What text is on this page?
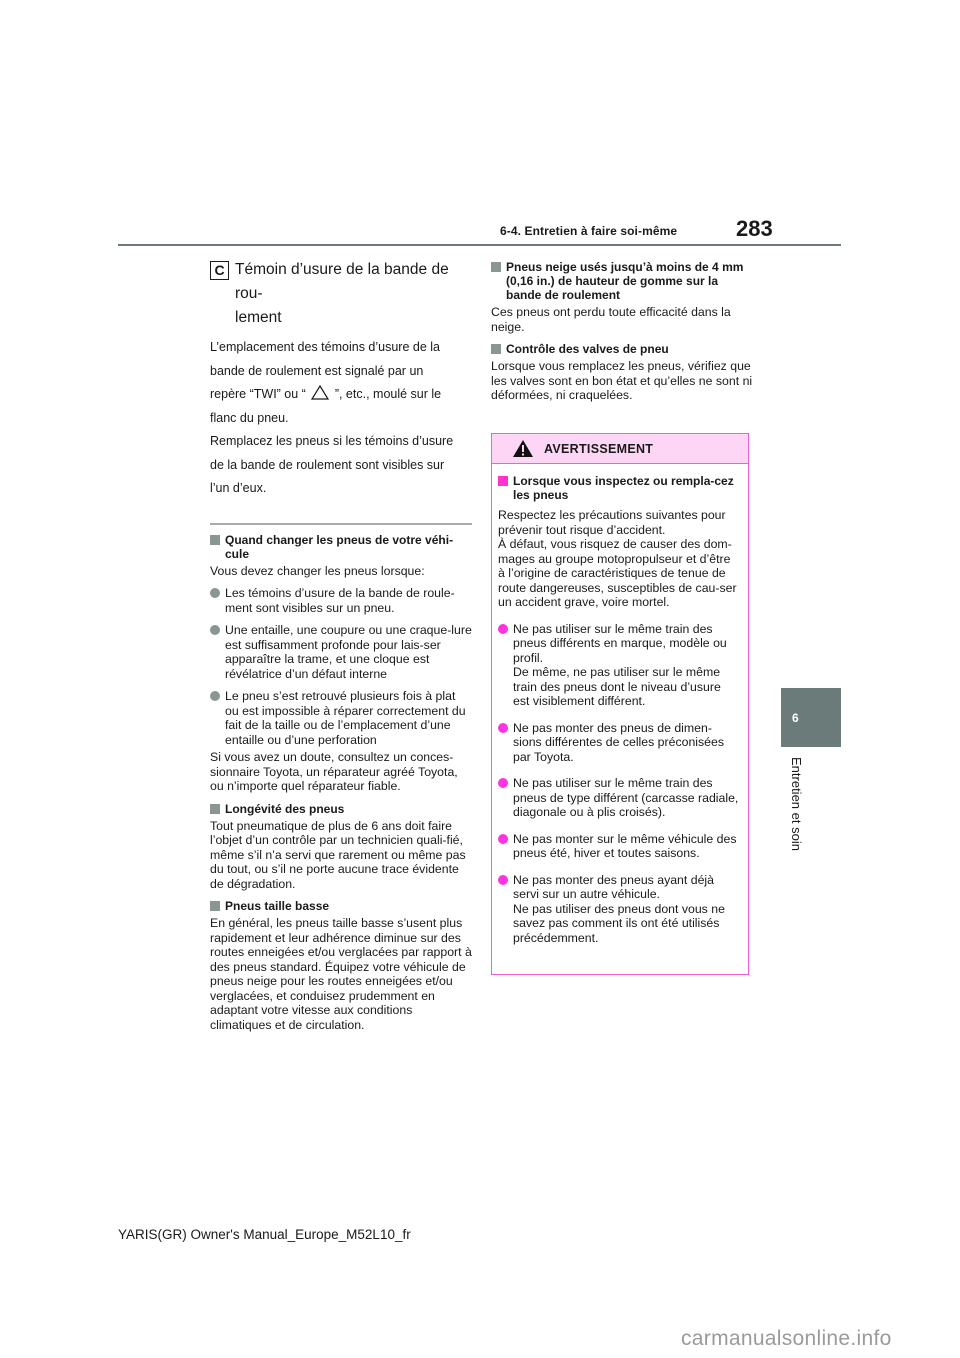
6-4. Entretien à faire soi-même	283
6
Entretien et soin
C Témoin d’usure de la bande de rou-
lement

L’emplacement des témoins d’usure de la

bande de roulement est signalé par un

repère “TWI” ou “ ”, etc., moulé sur le

flanc du pneu.

Remplacez les pneus si les témoins d’usure

de la bande de roulement sont visibles sur

l’un d’eux.

Quand changer les pneus de votre véhi-cule

Vous devez changer les pneus lorsque:

Les témoins d’usure de la bande de roule-ment sont visibles sur un pneu.
Une entaille, une coupure ou une craque-lure est suffisamment profonde pour lais-ser apparaître la trame, et une cloque est révélatrice d’un défaut interne
Le pneu s’est retrouvé plusieurs fois à plat ou est impossible à réparer correctement du fait de la taille ou de l’emplacement d’une entaille ou d’une perforation

Si vous avez un doute, consultez un conces-sionnaire Toyota, un réparateur agréé Toyota, ou n’importe quel réparateur fiable.

Longévité des pneus

Tout pneumatique de plus de 6 ans doit faire l’objet d’un contrôle par un technicien quali-fié, même s’il n’a servi que rarement ou même pas du tout, ou s’il ne porte aucune trace évidente de dégradation.

Pneus taille basse

En général, les pneus taille basse s’usent plus rapidement et leur adhérence diminue sur des routes enneigées et/ou verglacées par rapport à des pneus standard. Équipez votre véhicule de pneus neige pour les routes enneigées et/ou verglacées, et conduisez prudemment en adaptant votre vitesse aux conditions climatiques et de circulation.

Pneus neige usés jusqu’à moins de 4 mm (0,16 in.) de hauteur de gomme sur la bande de roulement

Ces pneus ont perdu toute efficacité dans la neige.

Contrôle des valves de pneu

Lorsque vous remplacez les pneus, vérifiez que les valves sont en bon état et qu’elles ne sont ni déformées, ni craquelées.

AVERTISSEMENT
Lorsque vous inspectez ou rempla-cez les pneus

Respectez les précautions suivantes pour prévenir tout risque d’accident.

À défaut, vous risquez de causer des dom-mages au groupe motopropulseur et d’être à l’origine de caractéristiques de tenue de route dangereuses, susceptibles de cau-ser un accident grave, voire mortel.

Ne pas utiliser sur le même train des pneus différents en marque, modèle ou profil.
De même, ne pas utiliser sur le même train des pneus dont le niveau d’usure est visiblement différent.
Ne pas monter des pneus de dimen-sions différentes de celles préconisées par Toyota.
Ne pas utiliser sur le même train des pneus de type différent (carcasse radiale, diagonale ou à plis croisés).
Ne pas monter sur le même véhicule des pneus été, hiver et toutes saisons.
Ne pas monter des pneus ayant déjà servi sur un autre véhicule.
Ne pas utiliser des pneus dont vous ne savez pas comment ils ont été utilisés précédemment.
YARIS(GR) Owner's Manual_Europe_M52L10_fr
carmanualsonline.info
